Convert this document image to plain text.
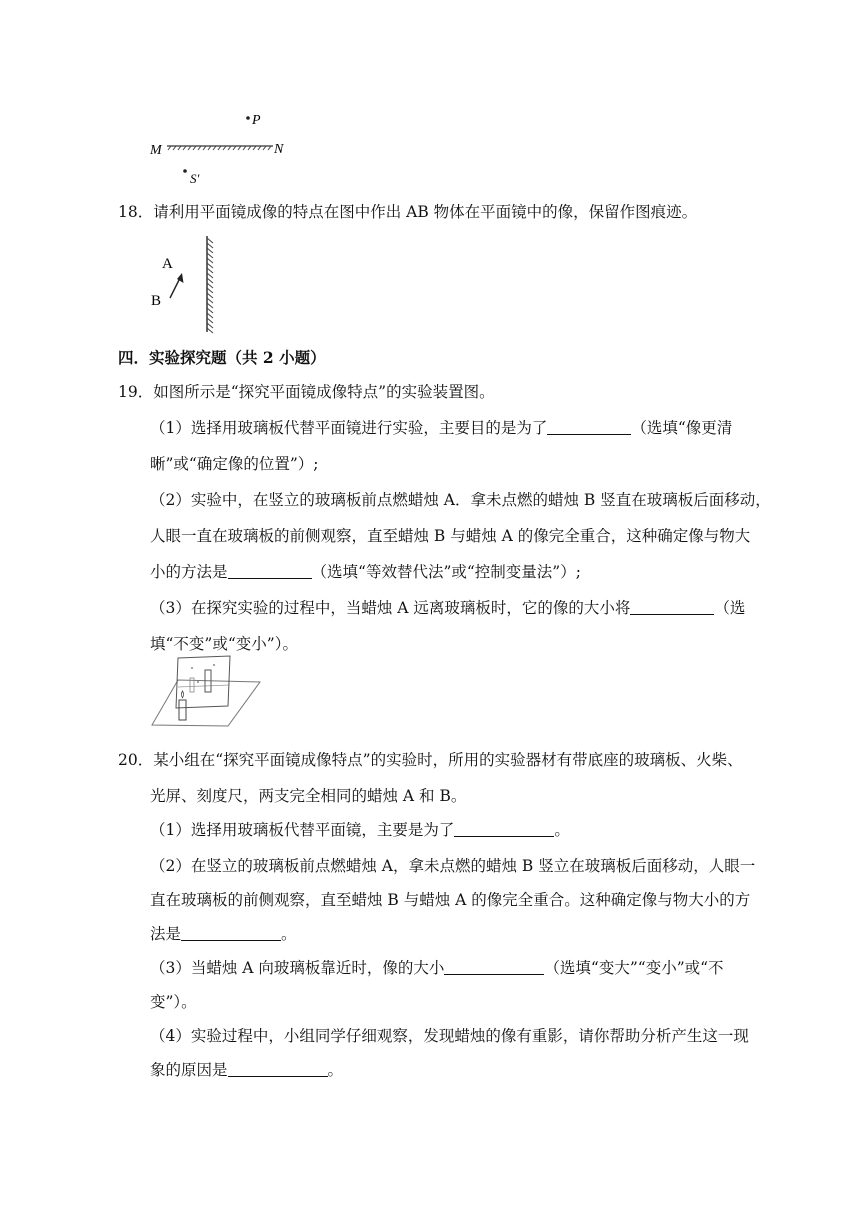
P
M	N
S′
18．请利用平面镜成像的特点在图中作出 AB 物体在平面镜中的像，保留作图痕迹。
A
B
四．实验探究题（共 2 小题）
19．如图所示是“探究平面镜成像特点”的实验装置图。
（1）选择用玻璃板代替平面镜进行实验，主要目的是为了	（选填“像更清
晰”或“确定像的位置”）;
（2）实验中，在竖立的玻璃板前点燃蜡烛 A．拿未点燃的蜡烛 B 竖直在玻璃板后面移动，
人眼一直在玻璃板的前侧观察，直至蜡烛 B 与蜡烛 A 的像完全重合，这种确定像与物大
小的方法是	（选填“等效替代法”或“控制变量法”）;
（3）在探究实验的过程中，当蜡烛 A 远离玻璃板时，它的像的大小将	（选
填“不变”或“变小”）。
20．某小组在“探究平面镜成像特点”的实验时，所用的实验器材有带底座的玻璃板、火柴、
光屏、刻度尺，两支完全相同的蜡烛 A 和 B。
（1）选择用玻璃板代替平面镜，主要是为了	。
（2）在竖立的玻璃板前点燃蜡烛 A，拿未点燃的蜡烛 B 竖立在玻璃板后面移动，人眼一
直在玻璃板的前侧观察，直至蜡烛 B 与蜡烛 A 的像完全重合。这种确定像与物大小的方
法是	。
（3）当蜡烛 A 向玻璃板靠近时，像的大小	（选填“变大”“变小”或“不
变”）。
（4）实验过程中，小组同学仔细观察，发现蜡烛的像有重影，请你帮助分析产生这一现
象的原因是	。
